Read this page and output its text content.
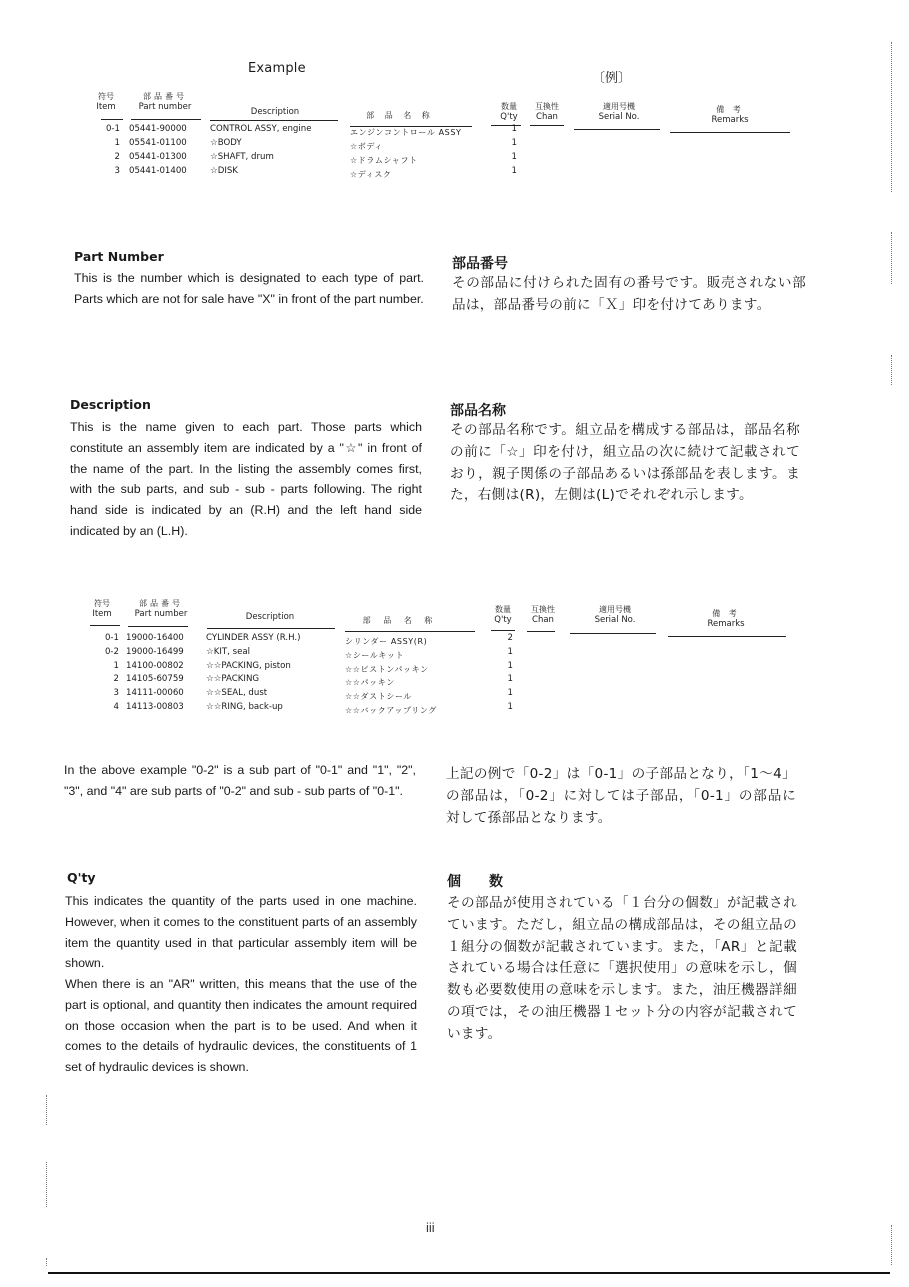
Example
〔例〕
符号
Item
部品番号
Part number	Description	部 品 名 称
数量
Q'ty
互換性
Chan
適用号機
Serial No.
備 考
Remarks
0-1 05441-90000	CONTROL ASSY, engine	エンジンコントロール ASSY	1
1 05541-01100	☆BODY	☆ボディ	1
2 05441-01300	☆SHAFT, drum	☆ドラムシャフト	1
3 05441-01400	☆DISK	☆ディスク	1
Part Number
This is the number which is designated to each type of part. Parts which are not for sale have "X" in front of the part number.
部品番号
その部品に付けられた固有の番号です。販売されない部品は，部品番号の前に「Ｘ」印を付けてあります。
Description
This is the name given to each part. Those parts which constitute an assembly item are indicated by a "☆" in front of the name of the part. In the listing the assembly comes first, with the sub parts, and sub - sub - parts following. The right hand side is indicated by an (R.H) and the left hand side indicated by an (L.H).
部品名称
その部品名称です。組立品を構成する部品は，部品名称の前に「☆」印を付け，組立品の次に続けて記載されており，親子関係の子部品あるいは孫部品を表します。また，右側は(R)，左側は(L)でそれぞれ示します。
符号
Item
部品番号
Part number	Description	部 品 名 称
数量
Q'ty
互換性
Chan
適用号機
Serial No.
備 考
Remarks
0-1 19000-16400	CYLINDER ASSY (R.H.)	シリンダー ASSY(R)	2
0-2 19000-16499	☆KIT, seal	☆シールキット	1
1 14100-00802	☆☆PACKING, piston	☆☆ピストンパッキン	1
2 14105-60759	☆☆PACKING	☆☆パッキン	1
3 14111-00060	☆☆SEAL, dust	☆☆ダストシール	1
4 14113-00803	☆☆RING, back-up	☆☆バックアップリング	1
In the above example "0-2" is a sub part of "0-1" and "1", "2", "3", and "4" are sub parts of "0-2" and sub - sub parts of "0-1".
上記の例で「0-2」は「0-1」の子部品となり，「1～4」の部品は，「0-2」に対しては子部品，「0-1」の部品に対して孫部品となります。
Q'ty
This indicates the quantity of the parts used in one machine. However, when it comes to the constituent parts of an assembly item the quantity used in that particular assembly item will be shown.
When there is an "AR" written, this means that the use of the part is optional, and quantity then indicates the amount required on those occasion when the part is to be used. And when it comes to the details of hydraulic devices, the constituents of 1 set of hydraulic devices is shown.
個　　数
その部品が使用されている「１台分の個数」が記載されています。ただし，組立品の構成部品は，その組立品の１組分の個数が記載されています。また，「AR」と記載されている場合は任意に「選択使用」の意味を示し，個数も必要数使用の意味を示します。また，油圧機器詳細の項では，その油圧機器１セット分の内容が記載されています。
iii
